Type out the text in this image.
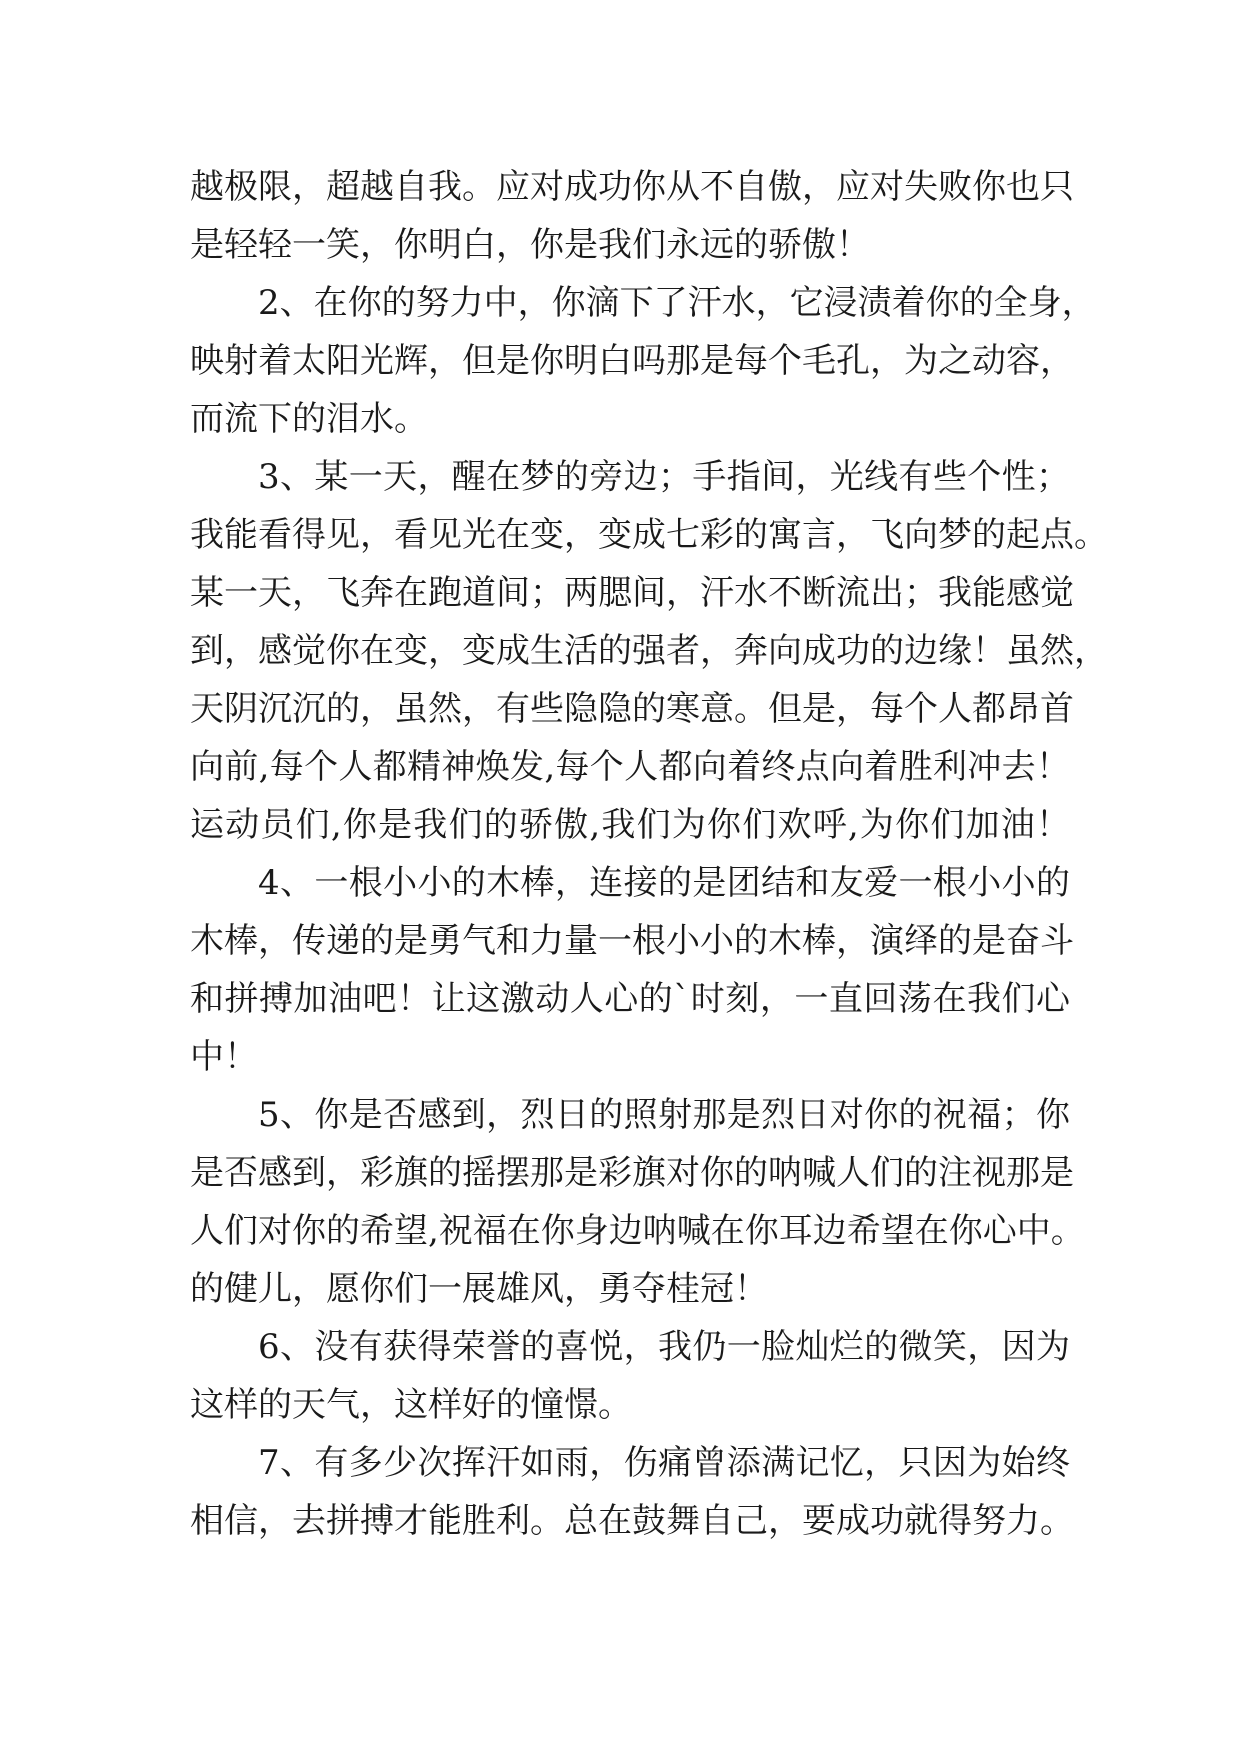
越极限，超越自我。应对成功你从不自傲，应对失败你也只
是轻轻一笑，你明白，你是我们永远的骄傲！
2、在你的努力中，你滴下了汗水，它浸渍着你的全身，
映射着太阳光辉，但是你明白吗那是每个毛孔，为之动容，
而流下的泪水。
3、某一天，醒在梦的旁边；手指间，光线有些个性；
我能看得见，看见光在变，变成七彩的寓言，飞向梦的起点。
某一天，飞奔在跑道间；两腮间，汗水不断流出；我能感觉
到，感觉你在变，变成生活的强者，奔向成功的边缘！虽然，
天阴沉沉的，虽然，有些隐隐的寒意。但是，每个人都昂首
向前,每个人都精神焕发,每个人都向着终点向着胜利冲去！
运动员们,你是我们的骄傲,我们为你们欢呼,为你们加油！
4、一根小小的木棒，连接的是团结和友爱一根小小的
木棒，传递的是勇气和力量一根小小的木棒，演绎的是奋斗
和拼搏加油吧！让这激动人心的`时刻，一直回荡在我们心
中！
5、你是否感到，烈日的照射那是烈日对你的祝福；你
是否感到，彩旗的摇摆那是彩旗对你的呐喊人们的注视那是
人们对你的希望,祝福在你身边呐喊在你耳边希望在你心中。
的健儿，愿你们一展雄风，勇夺桂冠！
6、没有获得荣誉的喜悦，我仍一脸灿烂的微笑，因为
这样的天气，这样好的憧憬。
7、有多少次挥汗如雨，伤痛曾添满记忆，只因为始终
相信，去拼搏才能胜利。总在鼓舞自己，要成功就得努力。
